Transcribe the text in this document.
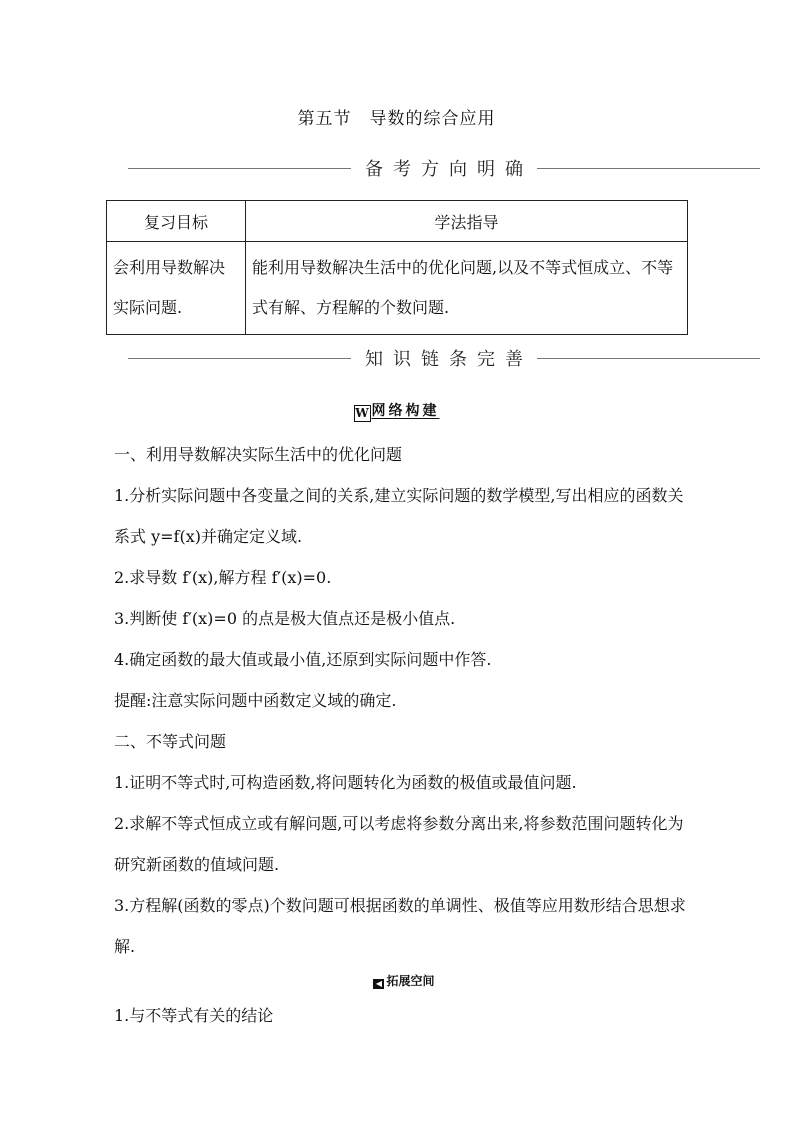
第五节　导数的综合应用
备考方向明确
复习目标	学法指导
会利用导数解决实际问题.	能利用导数解决生活中的优化问题,以及不等式恒成立、不等式有解、方程解的个数问题.
知识链条完善
W 网络构建

一、利用导数解决实际生活中的优化问题

1.分析实际问题中各变量之间的关系,建立实际问题的数学模型,写出相应的函数关系式 y=f(x)并确定定义域.

2.求导数 f′(x),解方程 f′(x)=0.

3.判断使 f′(x)=0 的点是极大值点还是极小值点.

4.确定函数的最大值或最小值,还原到实际问题中作答.

提醒:注意实际问题中函数定义域的确定.

二、不等式问题

1.证明不等式时,可构造函数,将问题转化为函数的极值或最值问题.

2.求解不等式恒成立或有解问题,可以考虑将参数分离出来,将参数范围问题转化为研究新函数的值域问题.

3.方程解(函数的零点)个数问题可根据函数的单调性、极值等应用数形结合思想求解.

◀ 拓展空间

1.与不等式有关的结论
